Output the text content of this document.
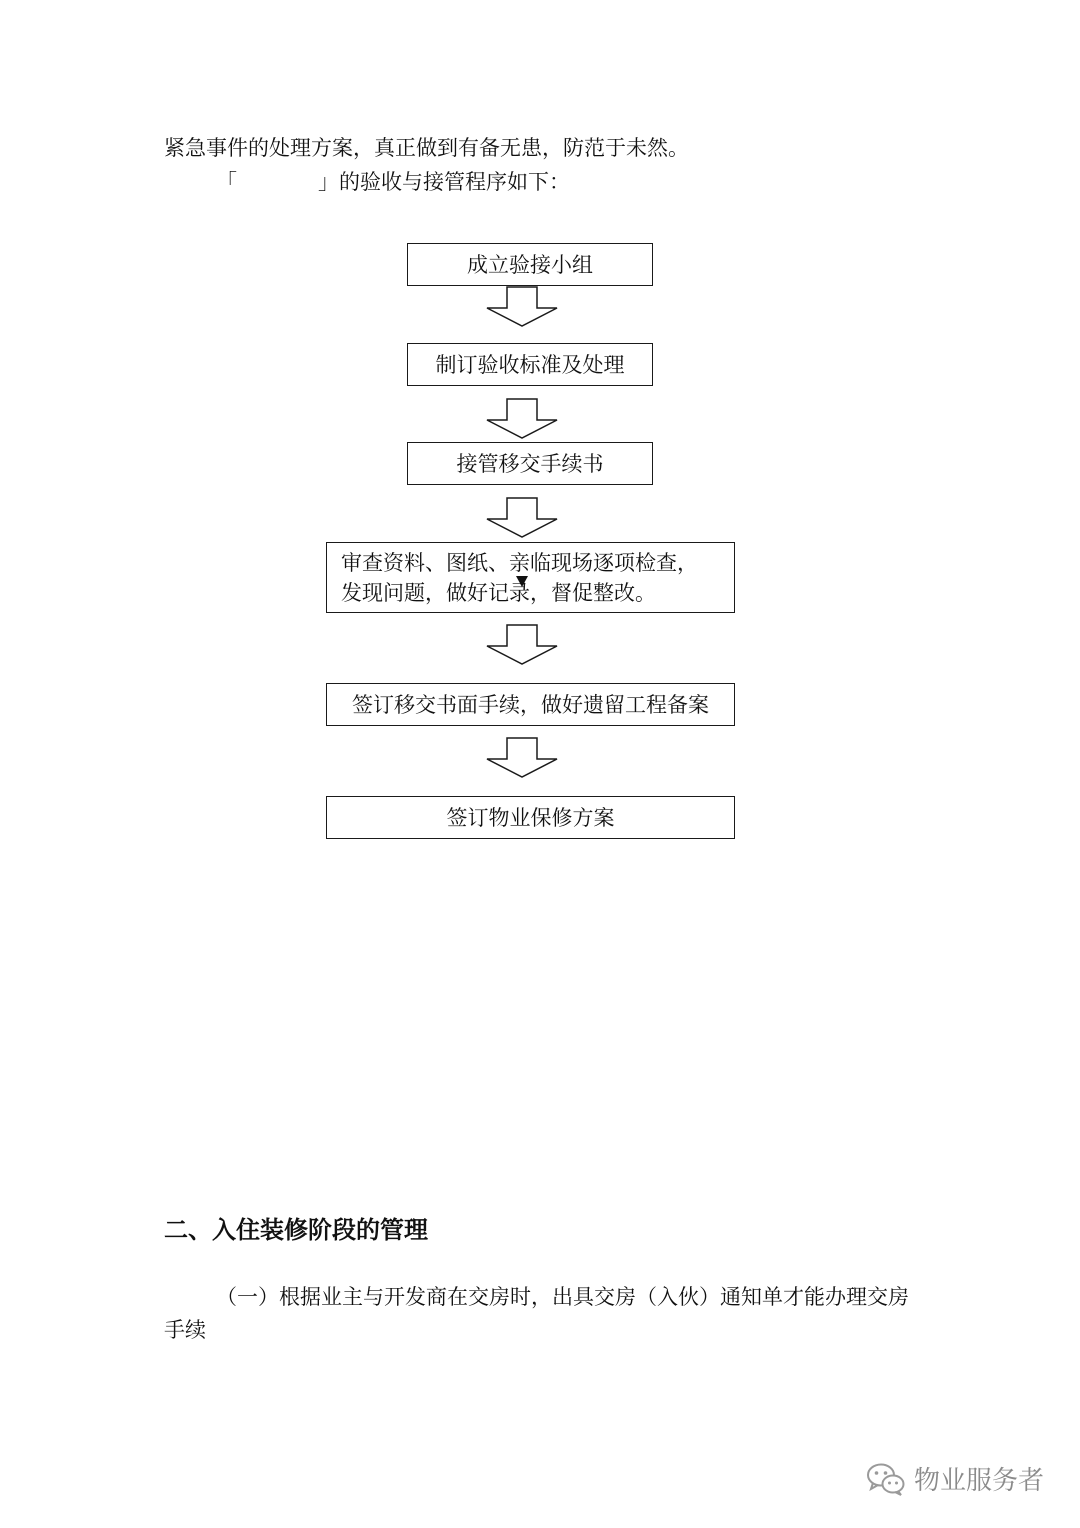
紧急事件的处理方案，真正做到有备无患，防范于未然。
「	」的验收与接管程序如下：
成立验接小组
制订验收标准及处理
接管移交手续书
审查资料、图纸、亲临现场逐项检查，
发现问题，做好记录，督促整改。
签订移交书面手续，做好遗留工程备案
签订物业保修方案
二、入住装修阶段的管理
（一）根据业主与开发商在交房时，出具交房（入伙）通知单才能办理交房
手续
物业服务者
